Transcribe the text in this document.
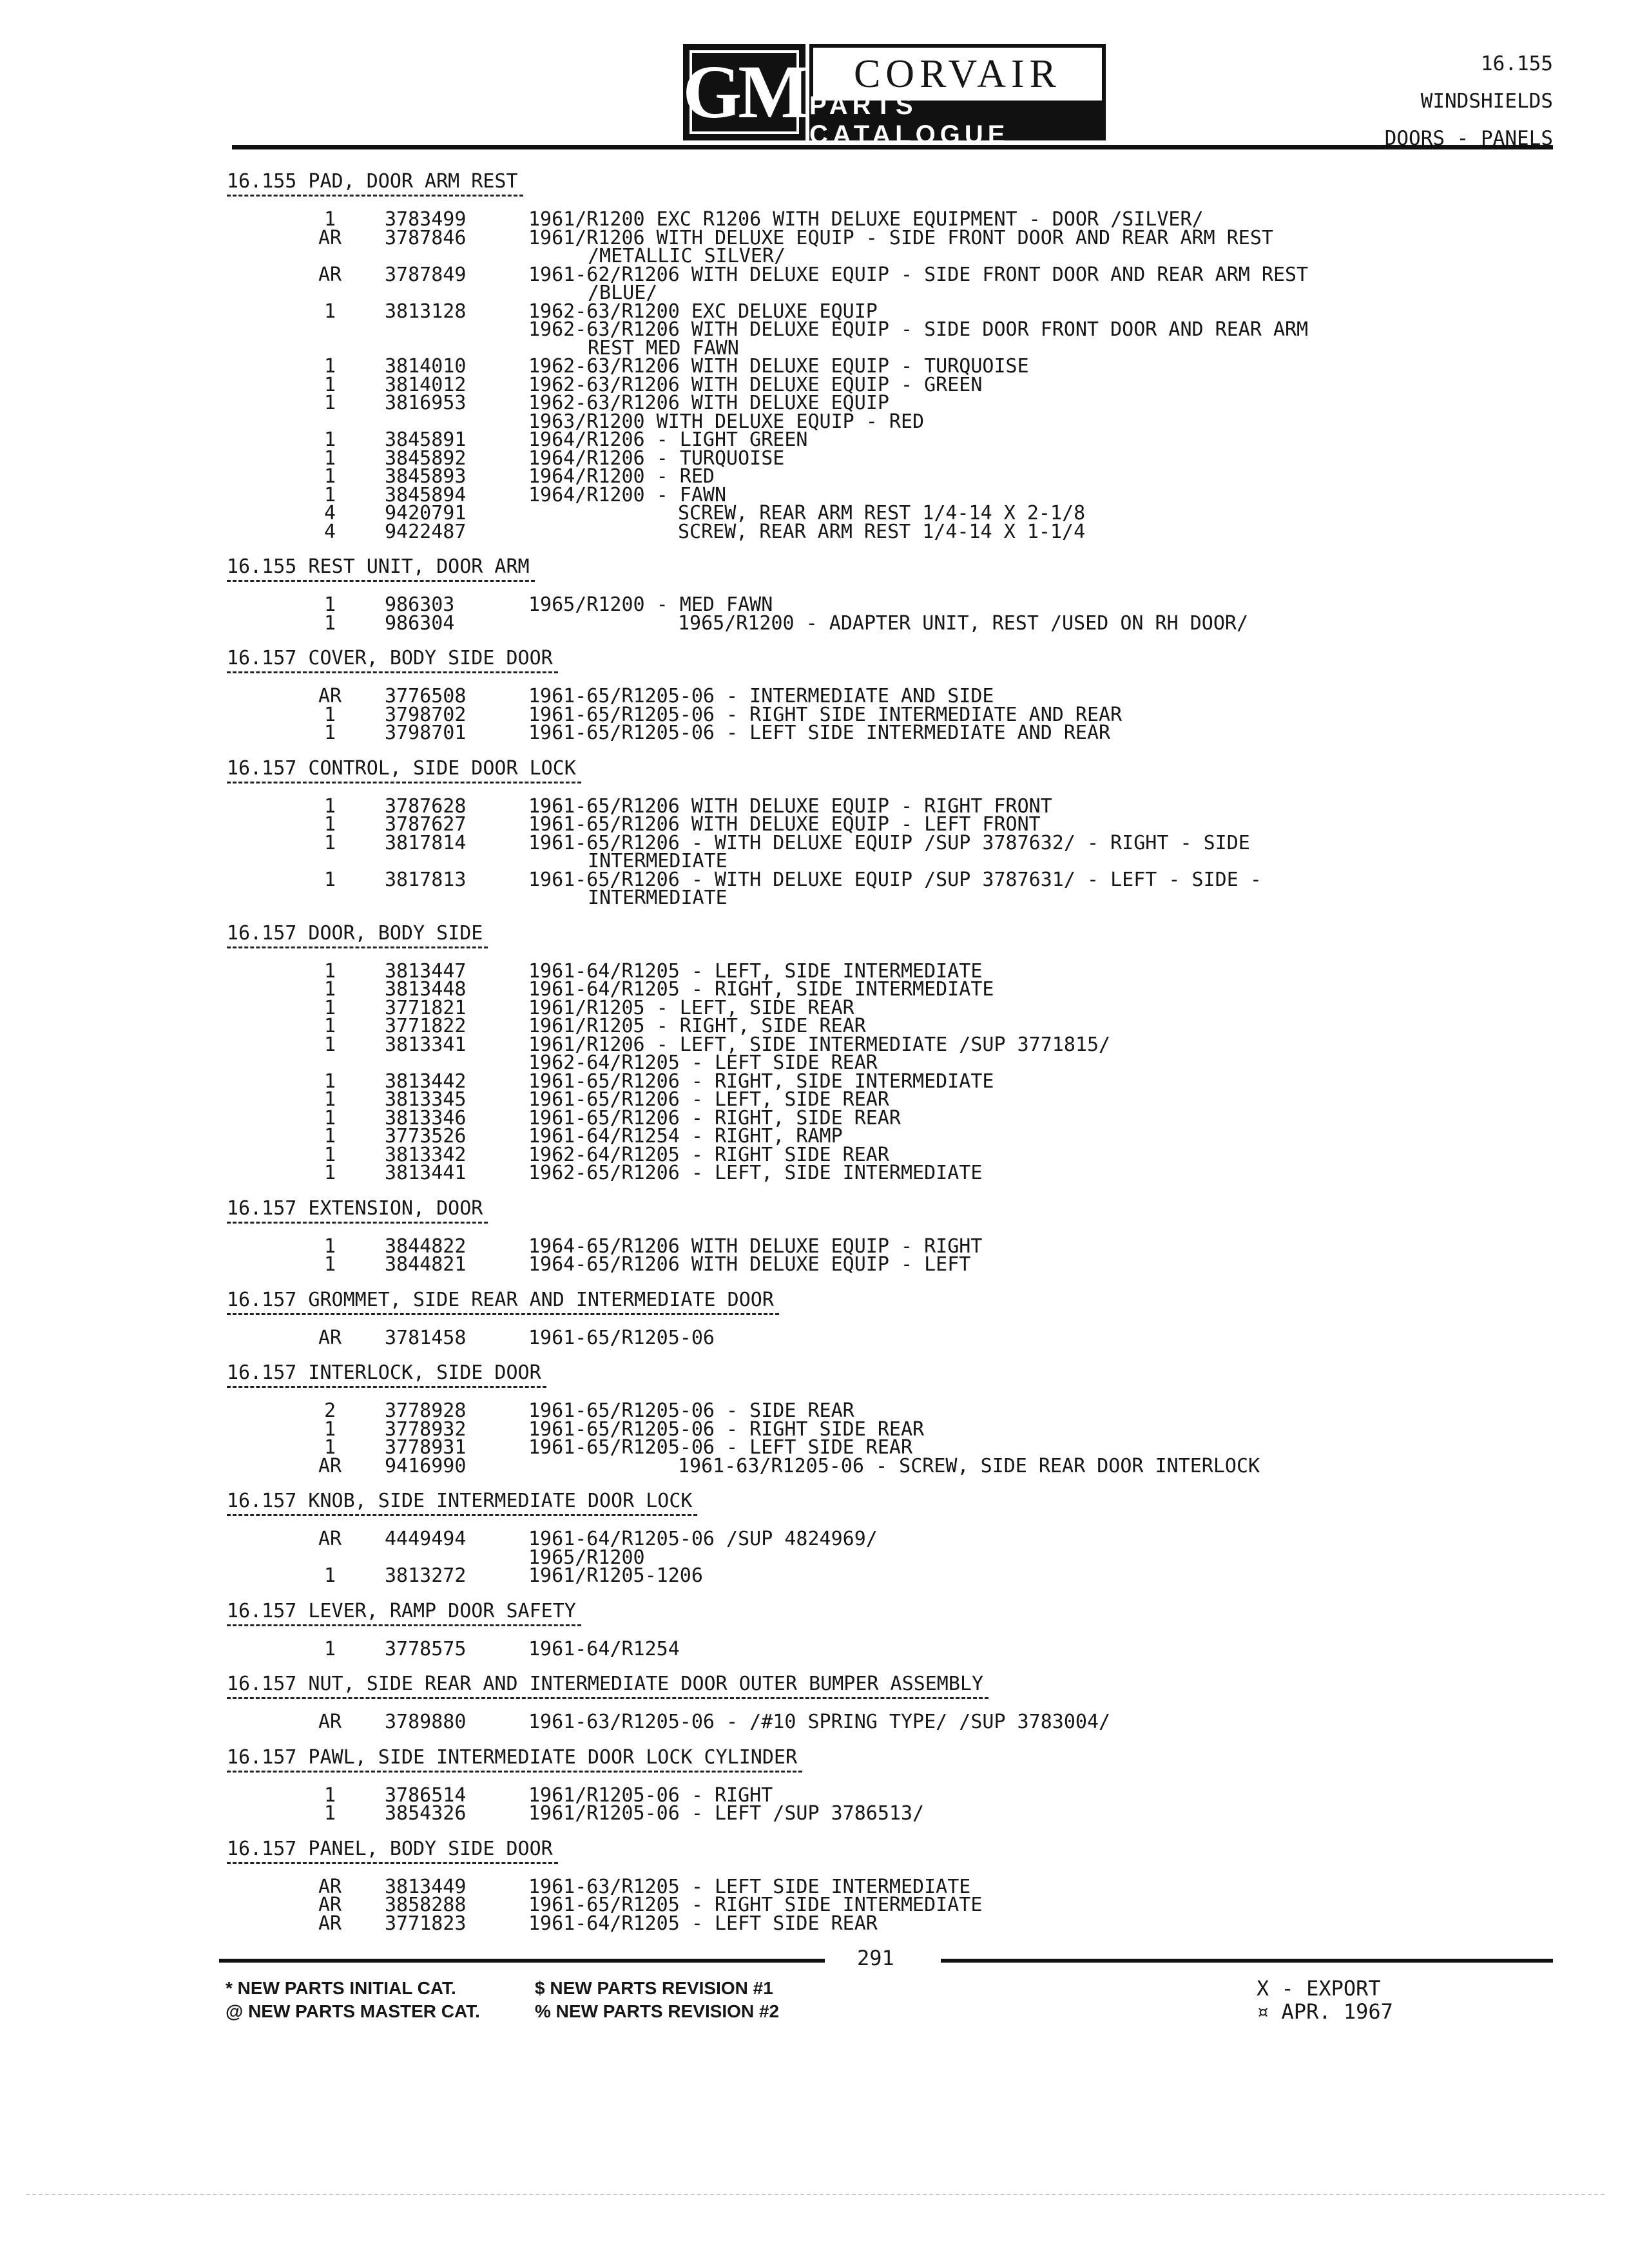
GM	CORVAIR
PARTS CATALOGUE
16.155
WINDSHIELDS
DOORS - PANELS
16.155 PAD, DOOR ARM REST
1	3783499	1961/R1200 EXC R1206 WITH DELUXE EQUIPMENT - DOOR /SILVER/
AR	3787846	1961/R1206 WITH DELUXE EQUIP - SIDE FRONT DOOR AND REAR ARM REST
/METALLIC SILVER/
AR	3787849	1961-62/R1206 WITH DELUXE EQUIP - SIDE FRONT DOOR AND REAR ARM REST
/BLUE/
1	3813128	1962-63/R1200 EXC DELUXE EQUIP
1962-63/R1206 WITH DELUXE EQUIP - SIDE DOOR FRONT DOOR AND REAR ARM
REST MED FAWN
1	3814010	1962-63/R1206 WITH DELUXE EQUIP - TURQUOISE
1	3814012	1962-63/R1206 WITH DELUXE EQUIP - GREEN
1	3816953	1962-63/R1206 WITH DELUXE EQUIP
1963/R1200 WITH DELUXE EQUIP - RED
1	3845891	1964/R1206 - LIGHT GREEN
1	3845892	1964/R1206 - TURQUOISE
1	3845893	1964/R1200 - RED
1	3845894	1964/R1200 - FAWN
4	9420791	SCREW, REAR ARM REST 1/4-14 X 2-1/8
4	9422487	SCREW, REAR ARM REST 1/4-14 X 1-1/4
16.155 REST UNIT, DOOR ARM
1	986303	1965/R1200 - MED FAWN
1	986304	1965/R1200 - ADAPTER UNIT, REST /USED ON RH DOOR/
16.157 COVER, BODY SIDE DOOR
AR	3776508	1961-65/R1205-06 - INTERMEDIATE AND SIDE
1	3798702	1961-65/R1205-06 - RIGHT SIDE INTERMEDIATE AND REAR
1	3798701	1961-65/R1205-06 - LEFT SIDE INTERMEDIATE AND REAR
16.157 CONTROL, SIDE DOOR LOCK
1	3787628	1961-65/R1206 WITH DELUXE EQUIP - RIGHT FRONT
1	3787627	1961-65/R1206 WITH DELUXE EQUIP - LEFT FRONT
1	3817814	1961-65/R1206 - WITH DELUXE EQUIP /SUP 3787632/ - RIGHT - SIDE
INTERMEDIATE
1	3817813	1961-65/R1206 - WITH DELUXE EQUIP /SUP 3787631/ - LEFT - SIDE -
INTERMEDIATE
16.157 DOOR, BODY SIDE
1	3813447	1961-64/R1205 - LEFT, SIDE INTERMEDIATE
1	3813448	1961-64/R1205 - RIGHT, SIDE INTERMEDIATE
1	3771821	1961/R1205 - LEFT, SIDE REAR
1	3771822	1961/R1205 - RIGHT, SIDE REAR
1	3813341	1961/R1206 - LEFT, SIDE INTERMEDIATE /SUP 3771815/
1962-64/R1205 - LEFT SIDE REAR
1	3813442	1961-65/R1206 - RIGHT, SIDE INTERMEDIATE
1	3813345	1961-65/R1206 - LEFT, SIDE REAR
1	3813346	1961-65/R1206 - RIGHT, SIDE REAR
1	3773526	1961-64/R1254 - RIGHT, RAMP
1	3813342	1962-64/R1205 - RIGHT SIDE REAR
1	3813441	1962-65/R1206 - LEFT, SIDE INTERMEDIATE
16.157 EXTENSION, DOOR
1	3844822	1964-65/R1206 WITH DELUXE EQUIP - RIGHT
1	3844821	1964-65/R1206 WITH DELUXE EQUIP - LEFT
16.157 GROMMET, SIDE REAR AND INTERMEDIATE DOOR
AR	3781458	1961-65/R1205-06
16.157 INTERLOCK, SIDE DOOR
2	3778928	1961-65/R1205-06 - SIDE REAR
1	3778932	1961-65/R1205-06 - RIGHT SIDE REAR
1	3778931	1961-65/R1205-06 - LEFT SIDE REAR
AR	9416990	1961-63/R1205-06 - SCREW, SIDE REAR DOOR INTERLOCK
16.157 KNOB, SIDE INTERMEDIATE DOOR LOCK
AR	4449494	1961-64/R1205-06 /SUP 4824969/
1965/R1200
1	3813272	1961/R1205-1206
16.157 LEVER, RAMP DOOR SAFETY
1	3778575	1961-64/R1254
16.157 NUT, SIDE REAR AND INTERMEDIATE DOOR OUTER BUMPER ASSEMBLY
AR	3789880	1961-63/R1205-06 - /#10 SPRING TYPE/ /SUP 3783004/
16.157 PAWL, SIDE INTERMEDIATE DOOR LOCK CYLINDER
1	3786514	1961/R1205-06 - RIGHT
1	3854326	1961/R1205-06 - LEFT /SUP 3786513/
16.157 PANEL, BODY SIDE DOOR
AR	3813449	1961-63/R1205 - LEFT SIDE INTERMEDIATE
AR	3858288	1961-65/R1205 - RIGHT SIDE INTERMEDIATE
AR	3771823	1961-64/R1205 - LEFT SIDE REAR
291
* NEW PARTS INITIAL CAT.
@ NEW PARTS MASTER CAT.
$ NEW PARTS REVISION #1
% NEW PARTS REVISION #2
X - EXPORT
¤ APR. 1967
